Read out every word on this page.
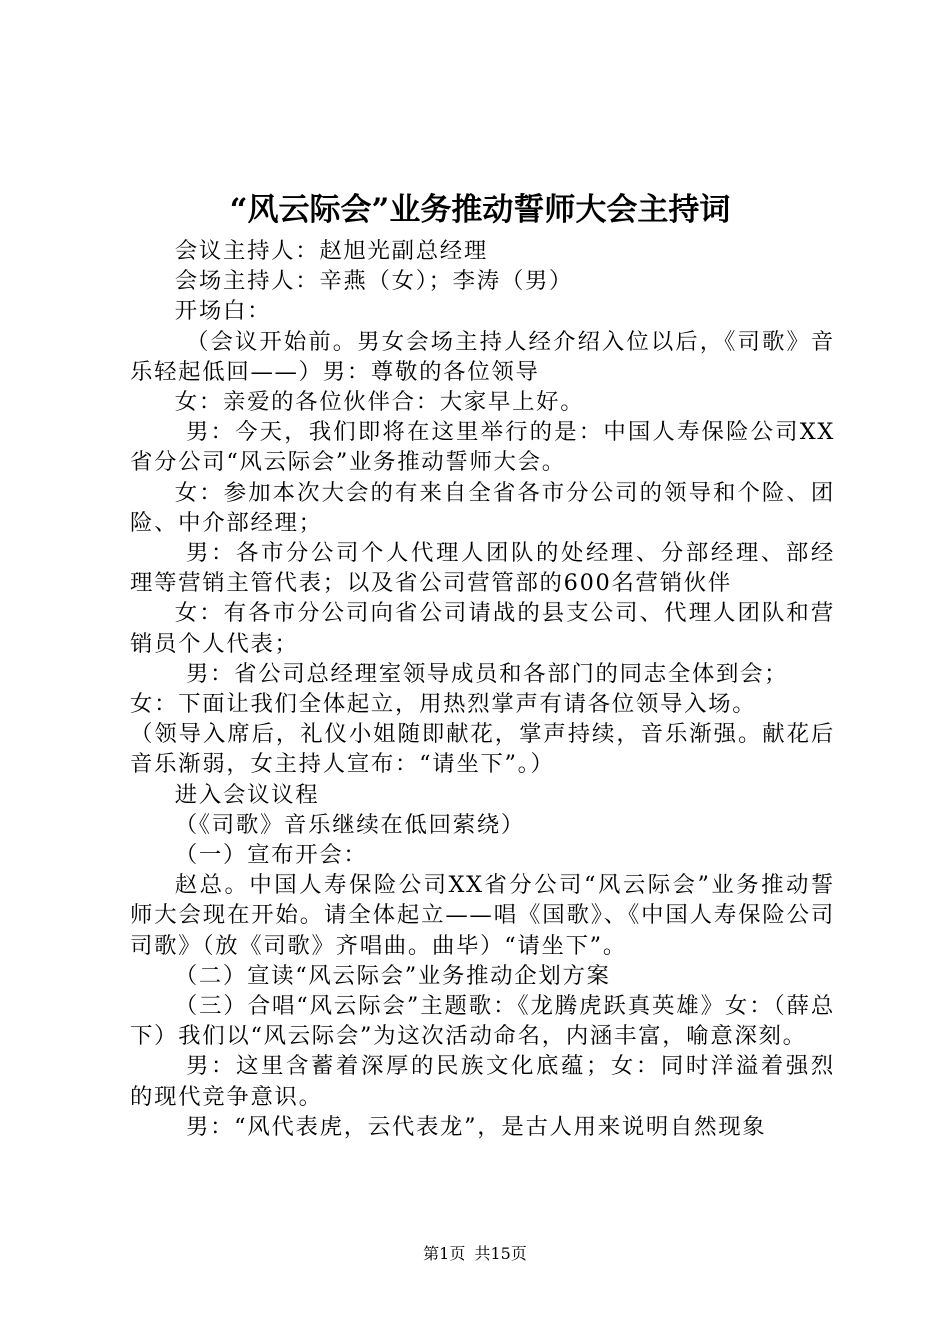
“风云际会”业务推动誓师大会主持词

会议主持人：赵旭光副总经理

会场主持人：辛燕（女）；李涛（男）

开场白：

（会议开始前。男女会场主持人经介绍入位以后，《司歌》音乐轻起低回——）男：尊敬的各位领导

女：亲爱的各位伙伴合：大家早上好。

男：今天，我们即将在这里举行的是：中国人寿保险公司XX省分公司“风云际会”业务推动誓师大会。

女：参加本次大会的有来自全省各市分公司的领导和个险、团险、中介部经理；

男：各市分公司个人代理人团队的处经理、分部经理、部经理等营销主管代表；以及省公司营管部的600名营销伙伴

女：有各市分公司向省公司请战的县支公司、代理人团队和营销员个人代表；

男：省公司总经理室领导成员和各部门的同志全体到会；

女：下面让我们全体起立，用热烈掌声有请各位领导入场。

（领导入席后，礼仪小姐随即献花，掌声持续，音乐渐强。献花后音乐渐弱，女主持人宣布：“请坐下”。）

进入会议议程

（《司歌》音乐继续在低回萦绕）

（一）宣布开会：

赵总。中国人寿保险公司XX省分公司“风云际会”业务推动誓师大会现在开始。请全体起立——唱《国歌》、《中国人寿保险公司司歌》（放《司歌》齐唱曲。曲毕）“请坐下”。

（二）宣读“风云际会”业务推动企划方案

（三）合唱“风云际会”主题歌：《龙腾虎跃真英雄》女：（薛总下）我们以“风云际会”为这次活动命名，内涵丰富，喻意深刻。

男：这里含蓄着深厚的民族文化底蕴；女：同时洋溢着强烈的现代竞争意识。

男：“风代表虎，云代表龙”，是古人用来说明自然现象

第1页 共15页
